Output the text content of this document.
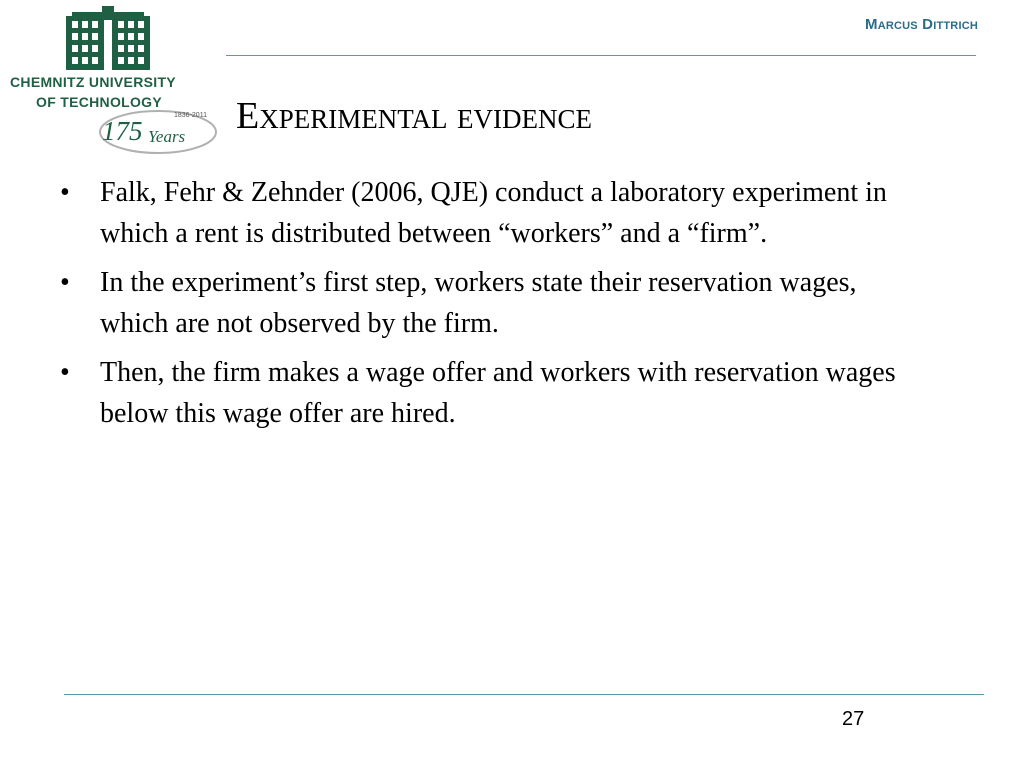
CHEMNITZ UNIVERSITY
OF TECHNOLOGY
1836-2011
175 Years
Marcus Dittrich
Experimental evidence
• Falk, Fehr & Zehnder (2006, QJE) conduct a laboratory experiment in which a rent is distributed between “workers” and a “firm”.
• In the experiment’s first step, workers state their reservation wages, which are not observed by the firm.
• Then, the firm makes a wage offer and workers with reservation wages below this wage offer are hired.
27
